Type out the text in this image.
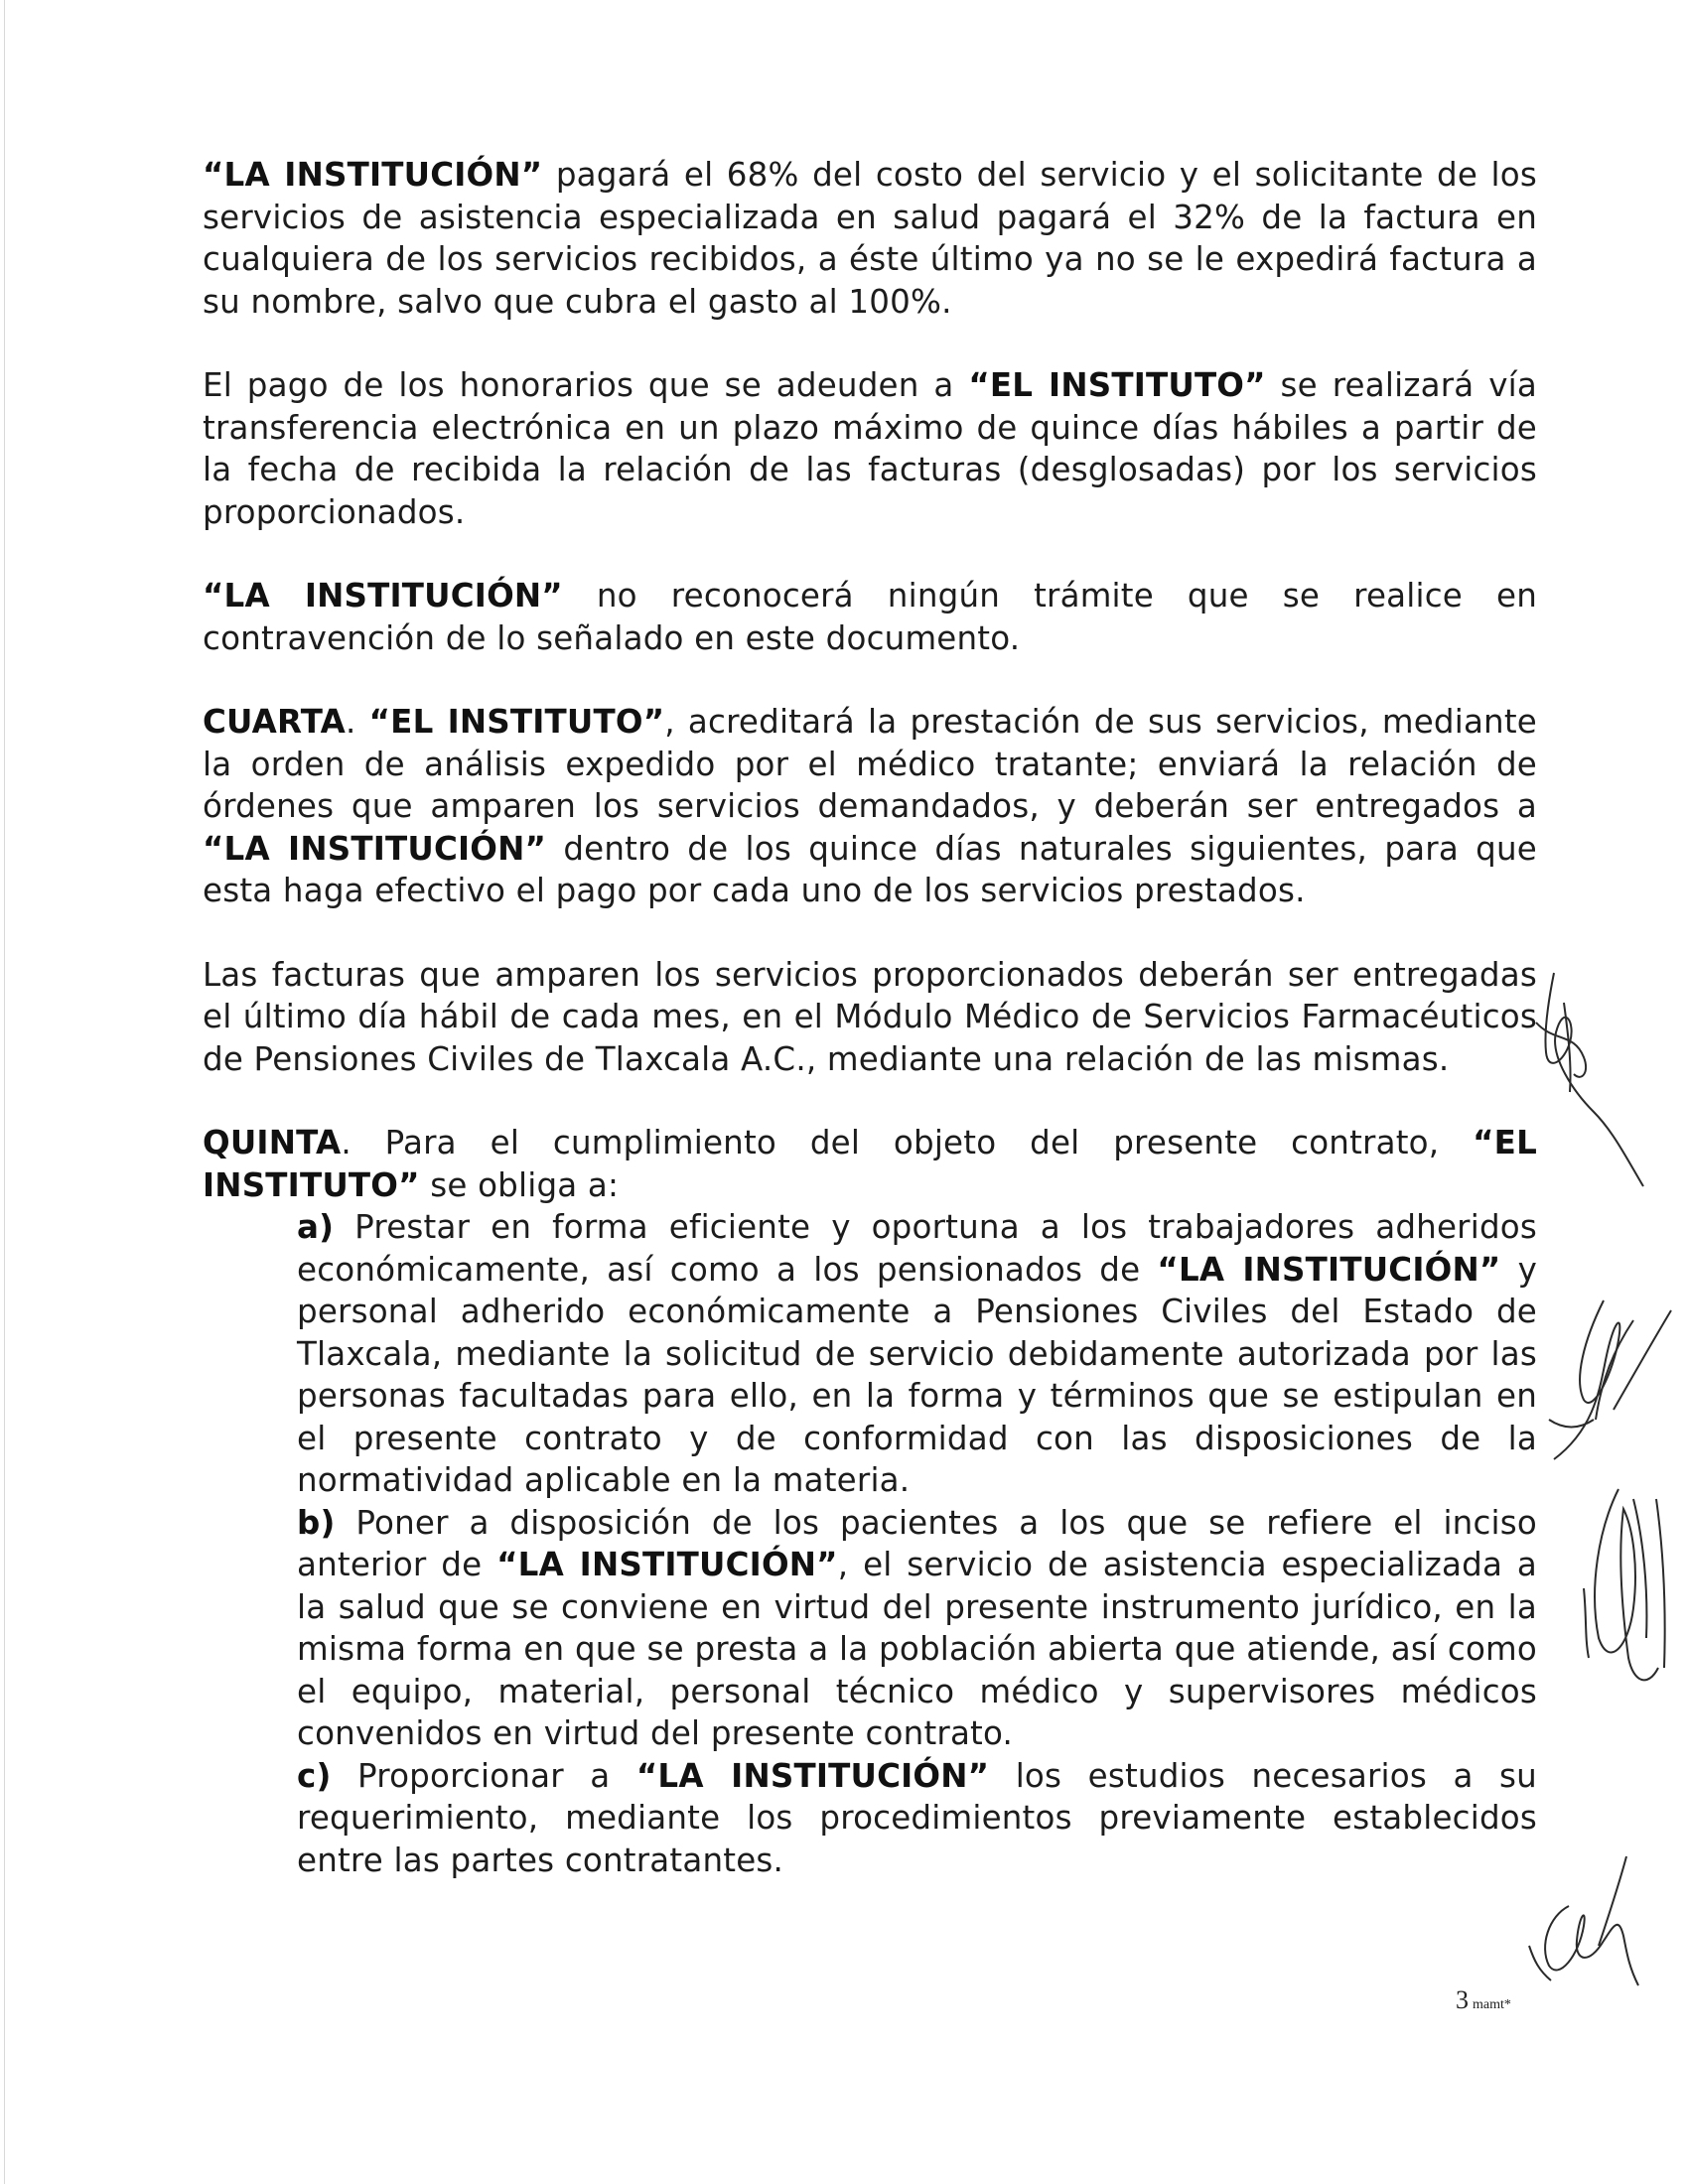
“LA INSTITUCIÓN” pagará el 68% del costo del servicio y el solicitante de los servicios de asistencia especializada en salud pagará el 32% de la factura en cualquiera de los servicios recibidos, a éste último ya no se le expedirá factura a su nombre, salvo que cubra el gasto al 100%.

El pago de los honorarios que se adeuden a “EL INSTITUTO” se realizará vía transferencia electrónica en un plazo máximo de quince días hábiles a partir de la fecha de recibida la relación de las facturas (desglosadas) por los servicios proporcionados.

“LA INSTITUCIÓN” no reconocerá ningún trámite que se realice en contravención de lo señalado en este documento.

CUARTA. “EL INSTITUTO”, acreditará la prestación de sus servicios, mediante la orden de análisis expedido por el médico tratante; enviará la relación de órdenes que amparen los servicios demandados, y deberán ser entregados a “LA INSTITUCIÓN” dentro de los quince días naturales siguientes, para que esta haga efectivo el pago por cada uno de los servicios prestados.

Las facturas que amparen los servicios proporcionados deberán ser entregadas el último día hábil de cada mes, en el Módulo Médico de Servicios Farmacéuticos de Pensiones Civiles de Tlaxcala A.C., mediante una relación de las mismas.

QUINTA. Para el cumplimiento del objeto del presente contrato, “EL INSTITUTO” se obliga a:

a) Prestar en forma eficiente y oportuna a los trabajadores adheridos económicamente, así como a los pensionados de “LA INSTITUCIÓN” y personal adherido económicamente a Pensiones Civiles del Estado de Tlaxcala, mediante la solicitud de servicio debidamente autorizada por las personas facultadas para ello, en la forma y términos que se estipulan en el presente contrato y de conformidad con las disposiciones de la normatividad aplicable en la materia.

b) Poner a disposición de los pacientes a los que se refiere el inciso anterior de “LA INSTITUCIÓN”, el servicio de asistencia especializada a la salud que se conviene en virtud del presente instrumento jurídico, en la misma forma en que se presta a la población abierta que atiende, así como el equipo, material, personal técnico médico y supervisores médicos convenidos en virtud del presente contrato.

c) Proporcionar a “LA INSTITUCIÓN” los estudios necesarios a su requerimiento, mediante los procedimientos previamente establecidos entre las partes contratantes.

3 mamt*
